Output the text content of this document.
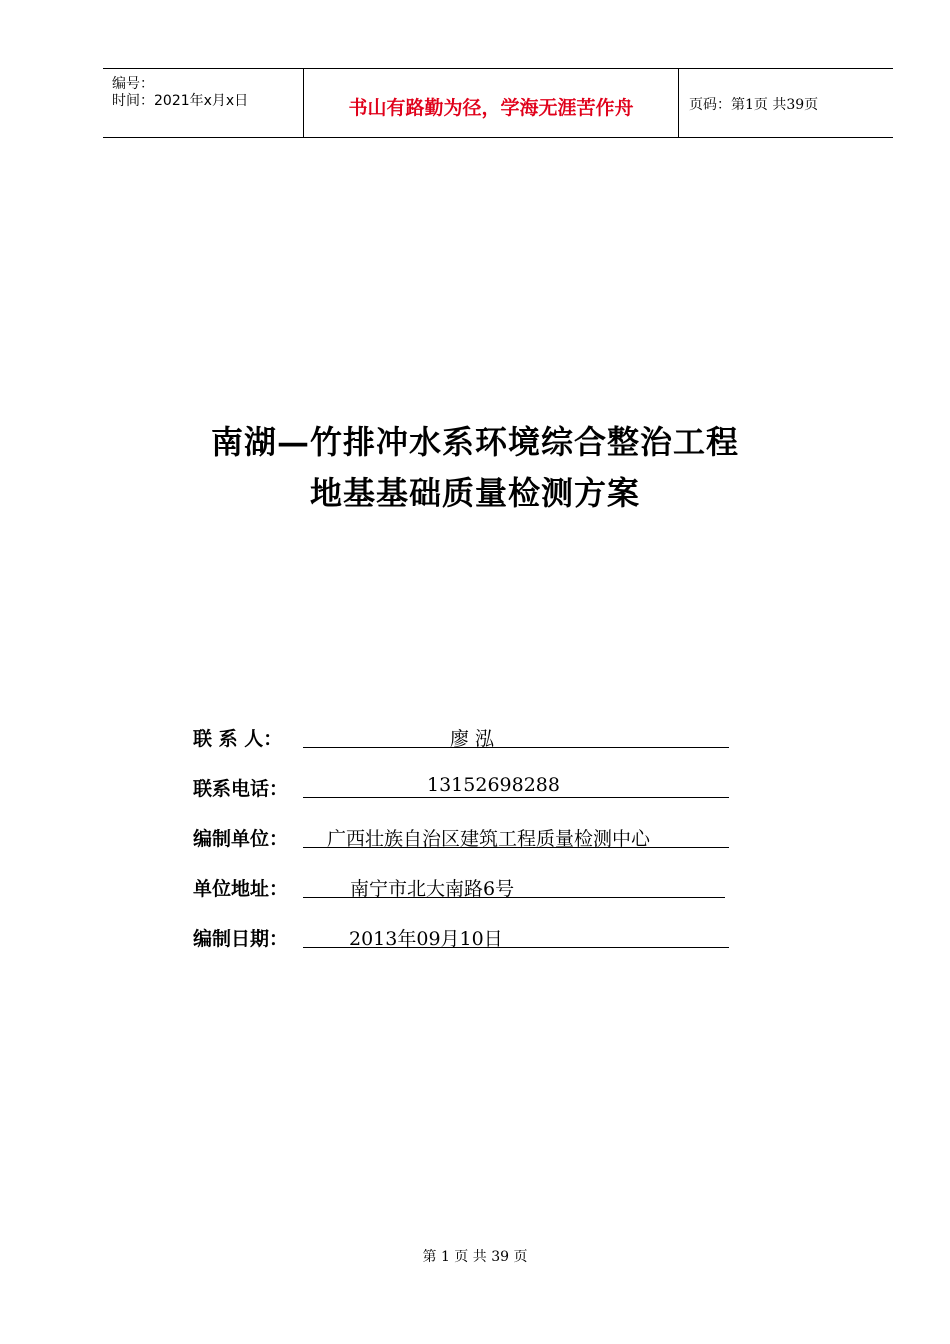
编号：
时间：2021年x月x日	书山有路勤为径，学海无涯苦作舟	页码：第1页 共39页
南湖—竹排冲水系环境综合整治工程
地基基础质量检测方案
联 系 人：	廖 泓
联系电话：	13152698288
编制单位： 广西壮族自治区建筑工程质量检测中心
单位地址：	南宁市北大南路6号
编制日期：	2013年09月10日
第 1 页 共 39 页
